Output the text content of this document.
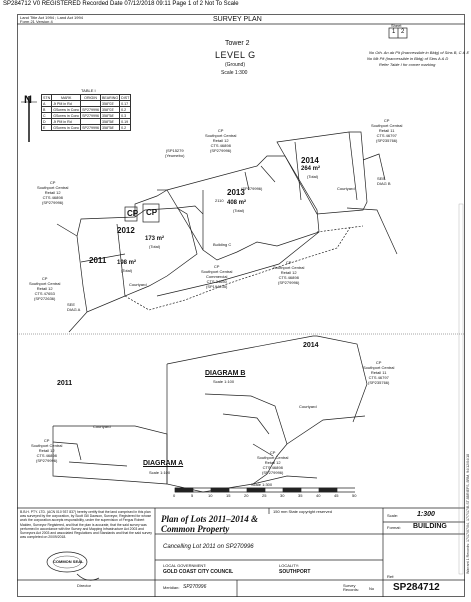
SP284712 V0 REGISTERED Recorded Date 07/12/2018 09:11 Page 1 of 2 Not To Scale
Land Title Act 1994 ; Land Act 1994
Form 21 Version 4	SURVEY PLAN
Sheet
1 2
Tower 2
LEVEL G
(Ground)
Scale 1:300
No Oth. An ab Plt (Inaccessible in Bldg) of Stns B, C & E
No Mk Plt (Inaccessible in Bldg) of Stns A & D
Refer Table I for corner marking
N
TABLE I
STN	MARK	ORIGIN	BEARING	DIST
A	Jt PM in Rd		358°03'	0.17
B	GScrew in Conc	SP279996	358°03'	0.2
C	GScrew in Conc	SP279996	358°58'	0.3
D	Jt PM in Rd		358°58'	0.19
E	GScrew in Conc	SP279996	358°58'	0.2
CP
Southport Central
Retail 12
CTS 46898
(SP279996)
CP
Southport Central
Retail 11
CTS 46797
(SP235766)
CP
Southport Central
Retail 12
CTS 46898
(SP279996)
(SP15279
(Yeumebo)
CP
Southport Central
Retail 12
CTS 47653
(SP272636)
CP
Southport Central
Commercial
CTS 34650
(SP194235)
CP
Southport Central
Retail 12
CTS 46898
(SP279996)
CP CP
(SP279996)
2110
Building C
Courtyard
Courtyard
SEE
DIAG A
SEE
DIAG B
2014
264 m²
(Total)
2013
408 m²
(Total)
2012
173 m²
(Total)
2011 198 m²
(Total)
2014
DIAGRAM B
Scale 1:100
CP
Southport Central
Retail 11
CTS 46797
(SP235766)
Courtyard
CP
Southport Central
Retail 12
CTS 46898
(SP279996)
2011
Courtyard
CP
Southport Central
Retail 12
CTS 46898
(SP279996)	DIAGRAM A
Scale 1:100
0	5	10	15	20	25	30	35	40	45	50
Scale 1:300
B.B.H. PTY. LTD. (ACN 010 937 837) hereby certify that the land comprised in this plan was surveyed by the corporation, by Scott Gill Dawson, Surveyor, Registered for whose work the corporation accepts responsibility, under the supervision of Fergus Robert Maiden, Surveyor Registered, and that the plan is accurate, that the said survey was performed in accordance with the Survey and Mapping Infrastructure Act 2003 and Surveyors Act 2003 and associated Regulations and Standards and that the said survey was completed on 20/09/2018.
COMMON SEAL
Director
150 mm State copyright reserved
Plan of Lots 2011–2014 &
Common Property
Cancelling Lot 2011 on SP270996
LOCAL GOVERNMENT:
GOLD COAST CITY COUNCIL
LOCALITY:
SOUTHPORT
Meridian: SP270996	Survey Records:	No
Scale:	1:300
Format: BUILDING
SP284712
Ref:
Warrant 1 Records: 17/17/07/04, 17/7/17/B.ST.8BRIEFS, 8RM, 94/12/04/18
